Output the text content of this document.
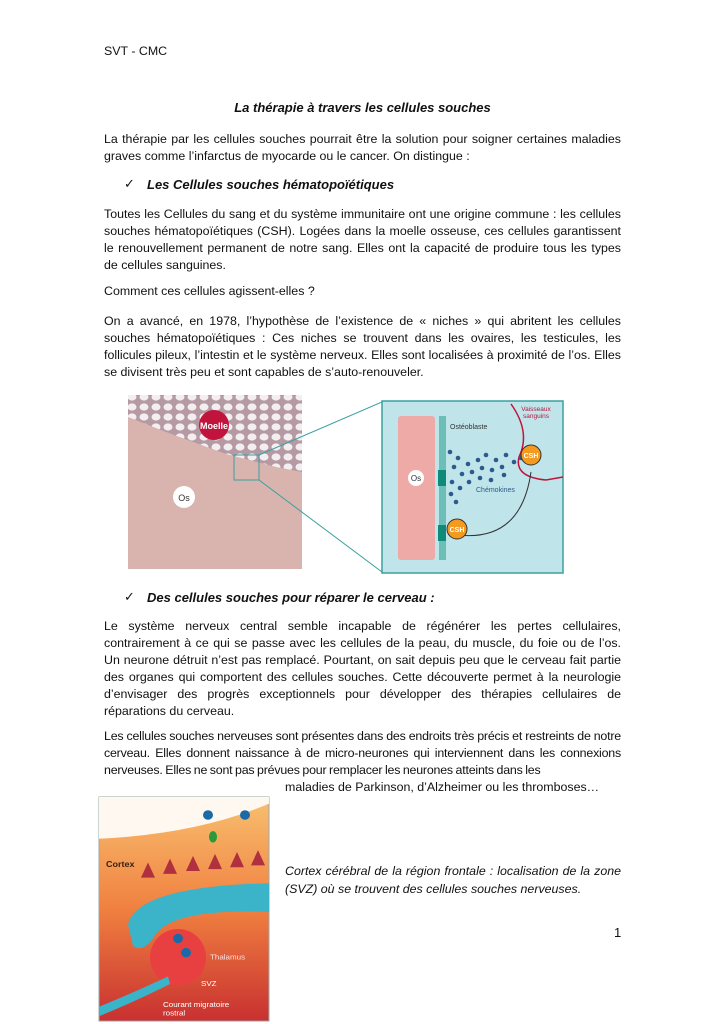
SVT - CMC
La thérapie à travers les cellules souches
La thérapie par les cellules souches pourrait être la solution pour soigner certaines maladies graves comme l’infarctus de myocarde ou le cancer. On distingue :
✓ Les Cellules souches hématopoïétiques
Toutes les Cellules du sang et du système immunitaire ont une origine commune : les cellules souches hématopoïétiques (CSH). Logées dans la moelle osseuse, ces cellules garantissent le renouvellement permanent de notre sang. Elles ont la capacité de produire tous les types de cellules sanguines.
Comment ces cellules agissent-elles ?
On a avancé, en 1978, l’hypothèse de l’existence de « niches » qui abritent les cellules souches hématopoïétiques : Ces niches se trouvent dans les ovaires, les testicules, les follicules pileux, l’intestin et le système nerveux. Elles sont localisées à proximité de l’os. Elles se divisent très peu et sont capables de s’auto-renouveler.
Moelle
Os
Os
Ostéoblaste
Vaisseaux
sanguins
Chémokines
CSH
CSH
✓ Des cellules souches pour réparer le cerveau :
Le système nerveux central semble incapable de régénérer les pertes cellulaires, contrairement à ce qui se passe avec les cellules de la peau, du muscle, du foie ou de l’os. Un neurone détruit n’est pas remplacé. Pourtant, on sait depuis peu que le cerveau fait partie des organes qui comportent des cellules souches. Cette découverte permet à la neurologie d’envisager des progrès exceptionnels pour développer des thérapies cellulaires de réparations du cerveau.
Les cellules souches nerveuses sont présentes dans des endroits très précis et restreints de notre cerveau. Elles donnent naissance à de micro-neurones qui interviennent dans les connexions nerveuses. Elles ne sont pas prévues pour remplacer les neurones atteints dans les
maladies de Parkinson, d’Alzheimer ou les thromboses…
Cortex
Thalamus
SVZ
Courant migratoire
rostral
Cortex cérébral de la région frontale : localisation de la zone (SVZ) où se trouvent des cellules souches nerveuses.
1
